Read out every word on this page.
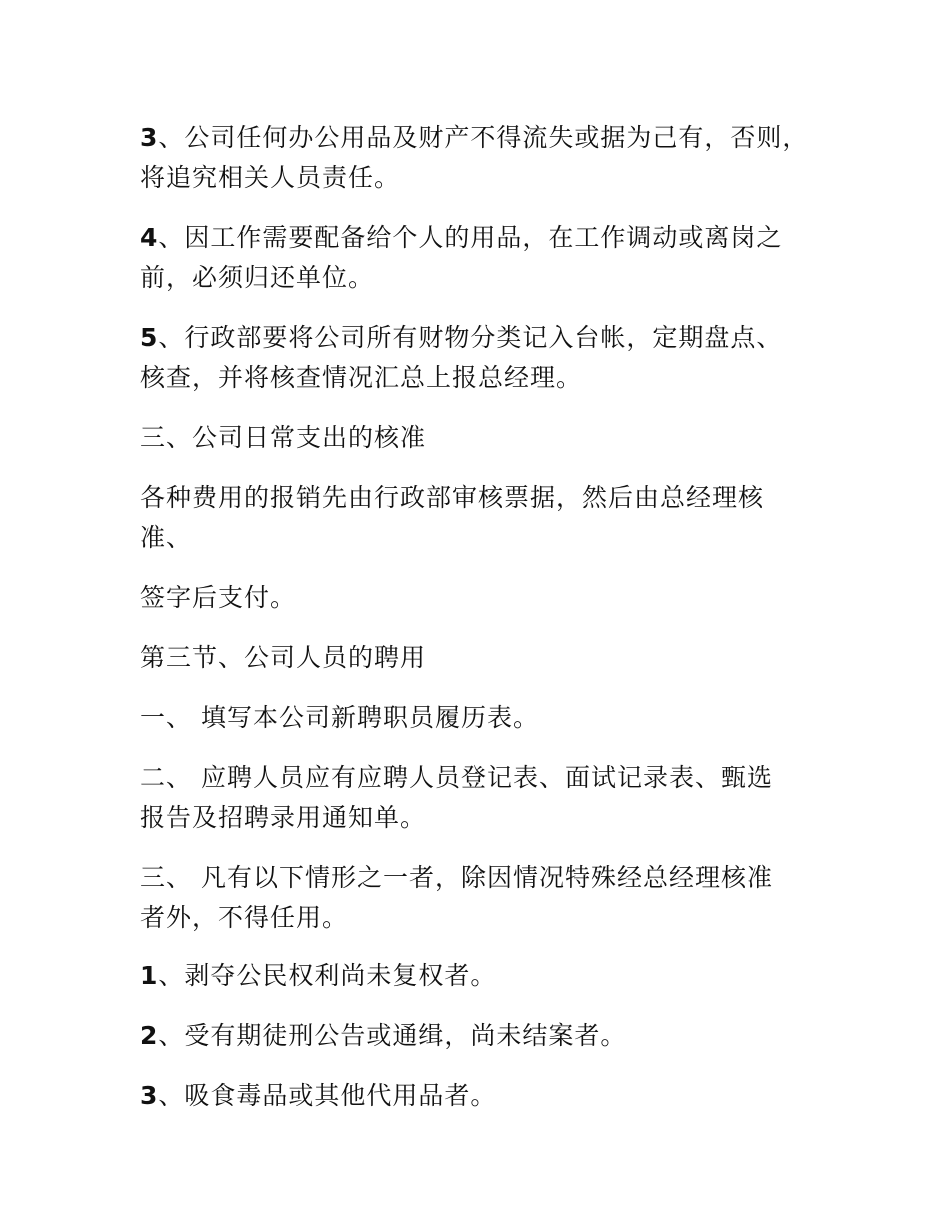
3、公司任何办公用品及财产不得流失或据为己有，否则，
将追究相关人员责任。

4、因工作需要配备给个人的用品，在工作调动或离岗之
前，必须归还单位。

5、行政部要将公司所有财物分类记入台帐，定期盘点、
核查，并将核查情况汇总上报总经理。

三、公司日常支出的核准

各种费用的报销先由行政部审核票据，然后由总经理核
准、

签字后支付。

第三节、公司人员的聘用

一、 填写本公司新聘职员履历表。

二、 应聘人员应有应聘人员登记表、面试记录表、甄选
报告及招聘录用通知单。

三、 凡有以下情形之一者，除因情况特殊经总经理核准
者外，不得任用。

1、剥夺公民权利尚未复权者。

2、受有期徒刑公告或通缉，尚未结案者。

3、吸食毒品或其他代用品者。
